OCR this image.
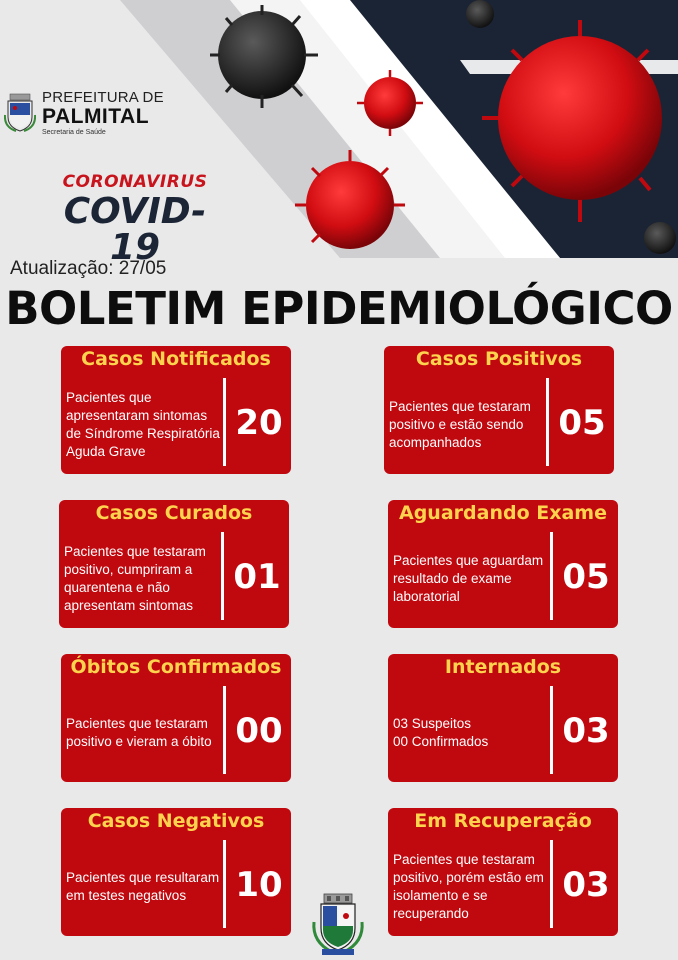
PREFEITURA DE
PALMITAL
Secretaria de Saúde
CORONAVIRUS
COVID-19
Atualização: 27/05
BOLETIM EPIDEMIOLÓGICO
Casos Notificados
Pacientes que
apresentaram sintomas de Síndrome Respiratória Aguda Grave
20
Casos Positivos
Pacientes que testaram positivo e estão sendo acompanhados	05
Casos Curados
Pacientes que testaram positivo, cumpriram a quarentena e não apresentam sintomas
01
Aguardando Exame
Pacientes que aguardam resultado de exame laboratorial	05
Óbitos Confirmados
Pacientes que testaram positivo e vieram a óbito 00
Internados
03 Suspeitos
00 Confirmados 03
Casos Negativos
Pacientes que resultaram em testes negativos	10
Em Recuperação
Pacientes que testaram positivo, porém estão em isolamento e se recuperando
03
